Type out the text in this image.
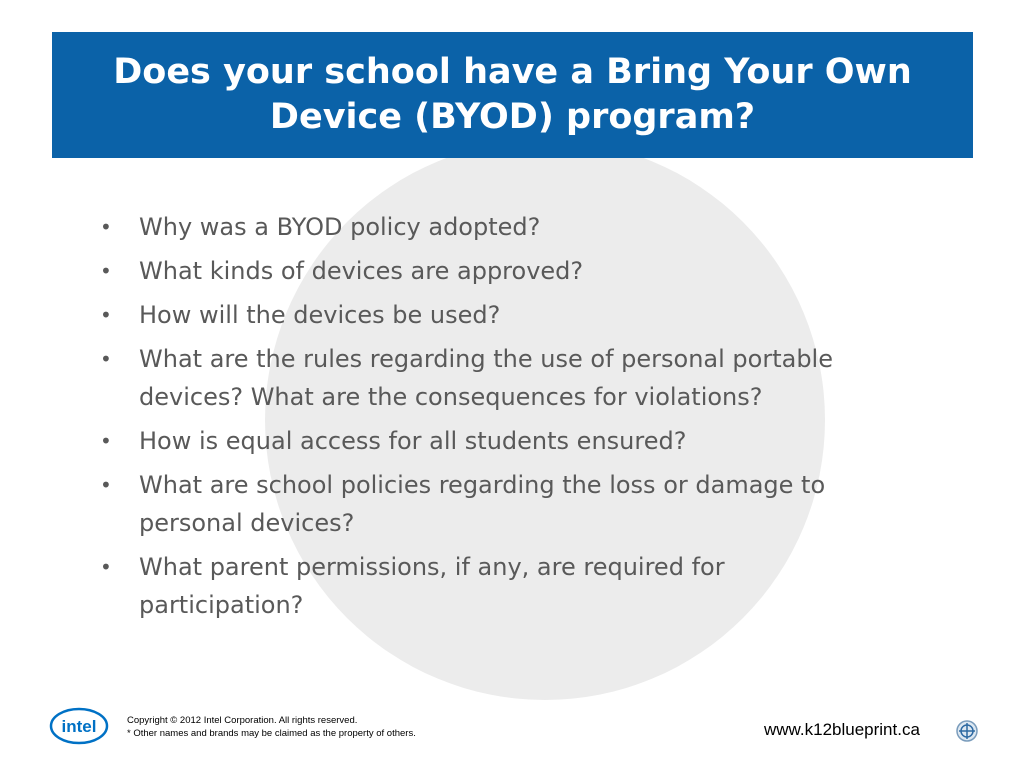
Does your school have a Bring Your Own Device (BYOD) program?
• Why was a BYOD policy adopted?
• What kinds of devices are approved?
• How will the devices be used?
• What are the rules regarding the use of personal portable devices? What are the consequences for violations?
• How is equal access for all students ensured?
• What are school policies regarding the loss or damage to personal devices?
• What parent permissions, if any, are required for participation?
intel	Copyright © 2012 Intel Corporation. All rights reserved.
* Other names and brands may be claimed as the property of others.	www.k12blueprint.ca
